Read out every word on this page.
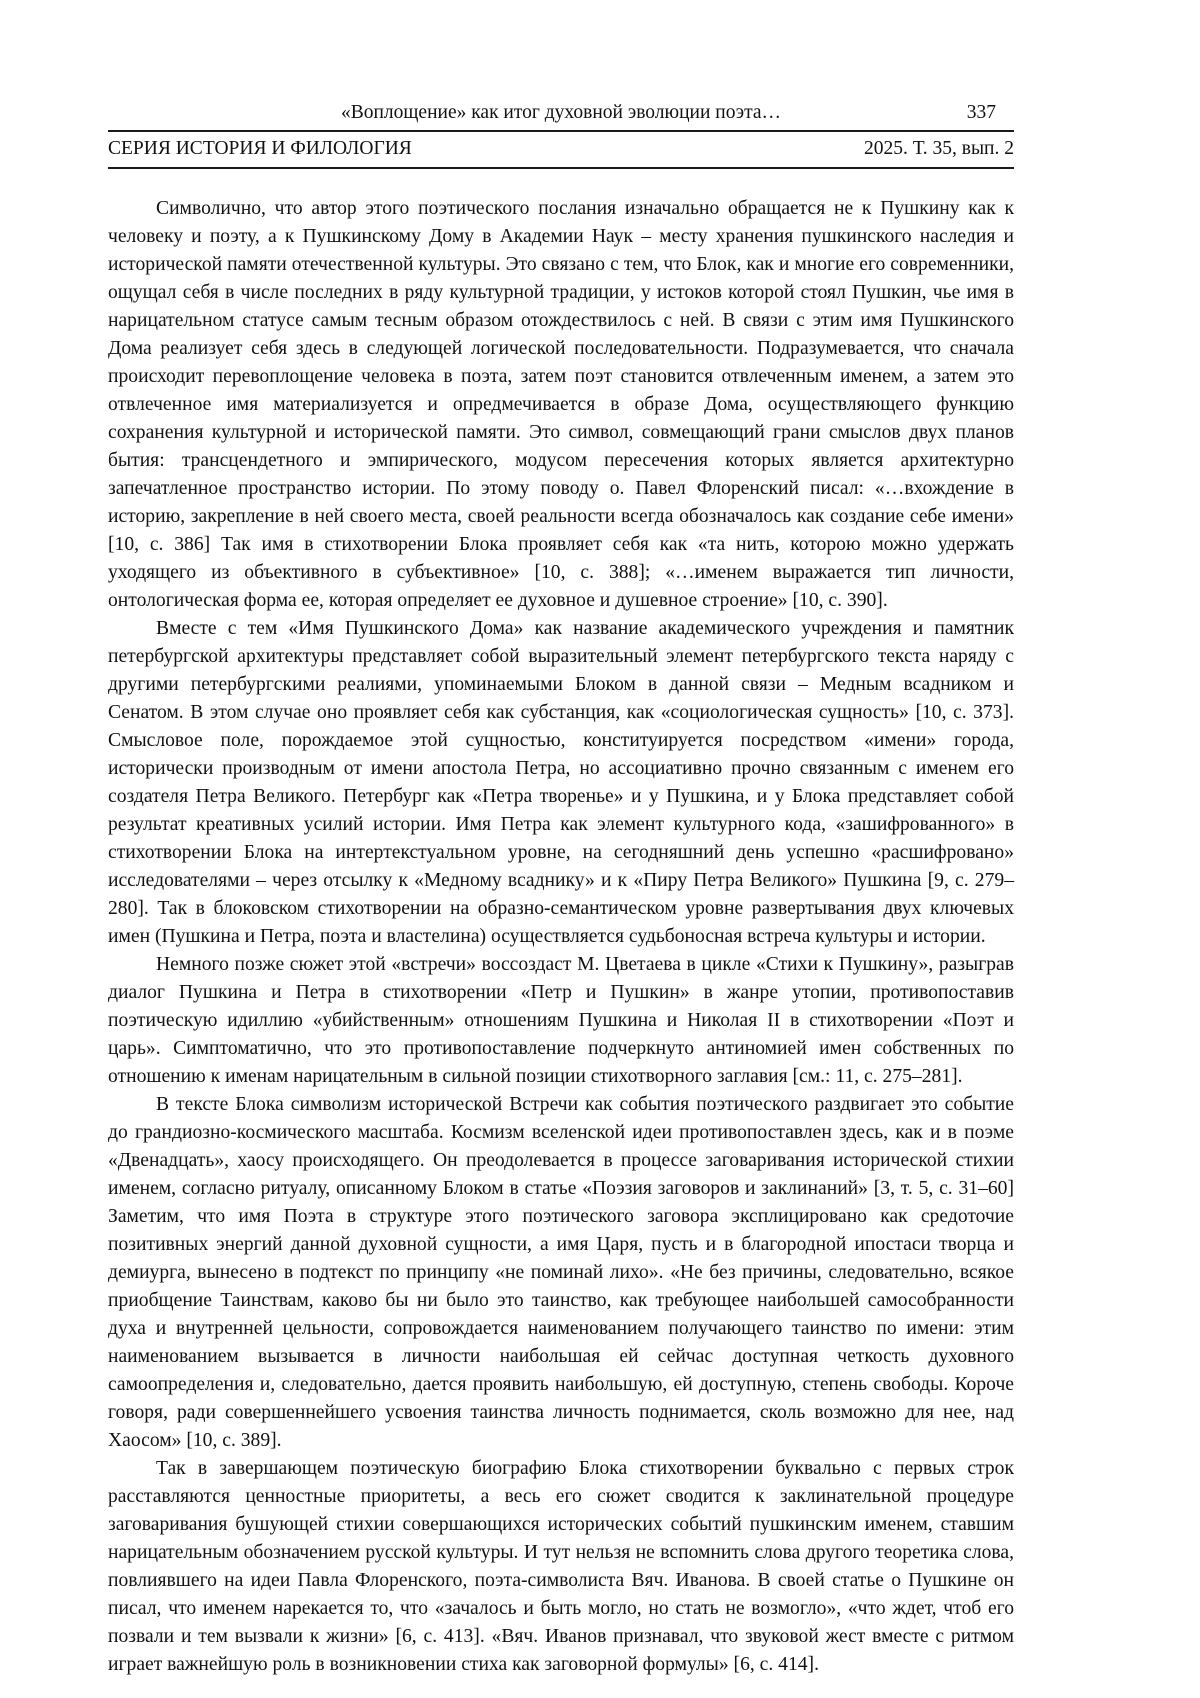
«Воплощение» как итог духовной эволюции поэта…	337
СЕРИЯ ИСТОРИЯ И ФИЛОЛОГИЯ	2025. Т. 35, вып. 2

Символично, что автор этого поэтического послания изначально обращается не к Пушкину как к человеку и поэту, а к Пушкинскому Дому в Академии Наук – месту хранения пушкинского наследия и исторической памяти отечественной культуры. Это связано с тем, что Блок, как и многие его современники, ощущал себя в числе последних в ряду культурной традиции, у истоков которой стоял Пушкин, чье имя в нарицательном статусе самым тесным образом отождествилось с ней. В связи с этим имя Пушкинского Дома реализует себя здесь в следующей логической последовательности. Подразумевается, что сначала происходит перевоплощение человека в поэта, затем поэт становится отвлеченным именем, а затем это отвлеченное имя материализуется и опредмечивается в образе Дома, осуществляющего функцию сохранения культурной и исторической памяти. Это символ, совмещающий грани смыслов двух планов бытия: трансцендетного и эмпирического, модусом пересечения которых является архитектурно запечатленное пространство истории. По этому поводу о. Павел Флоренский писал: «…вхождение в историю, закрепление в ней своего места, своей реальности всегда обозначалось как создание себе имени» [10, с. 386] Так имя в стихотворении Блока проявляет себя как «та нить, которою можно удержать уходящего из объективного в субъективное» [10, с. 388]; «…именем выражается тип личности, онтологическая форма ее, которая определяет ее духовное и душевное строение» [10, с. 390].

Вместе с тем «Имя Пушкинского Дома» как название академического учреждения и памятник петербургской архитектуры представляет собой выразительный элемент петербургского текста наряду с другими петербургскими реалиями, упоминаемыми Блоком в данной связи – Медным всадником и Сенатом. В этом случае оно проявляет себя как субстанция, как «социологическая сущность» [10, с. 373]. Смысловое поле, порождаемое этой сущностью, конституируется посредством «имени» города, исторически производным от имени апостола Петра, но ассоциативно прочно связанным с именем его создателя Петра Великого. Петербург как «Петра творенье» и у Пушкина, и у Блока представляет собой результат креативных усилий истории. Имя Петра как элемент культурного кода, «зашифрованного» в стихотворении Блока на интертекстуальном уровне, на сегодняшний день успешно «расшифровано» исследователями – через отсылку к «Медному всаднику» и к «Пиру Петра Великого» Пушкина [9, с. 279–280]. Так в блоковском стихотворении на образно-семантическом уровне развертывания двух ключевых имен (Пушкина и Петра, поэта и властелина) осуществляется судьбоносная встреча культуры и истории.

Немного позже сюжет этой «встречи» воссоздаст М. Цветаева в цикле «Стихи к Пушкину», разыграв диалог Пушкина и Петра в стихотворении «Петр и Пушкин» в жанре утопии, противопоставив поэтическую идиллию «убийственным» отношениям Пушкина и Николая II в стихотворении «Поэт и царь». Симптоматично, что это противопоставление подчеркнуто антиномией имен собственных по отношению к именам нарицательным в сильной позиции стихотворного заглавия [см.: 11, с. 275–281].

В тексте Блока символизм исторической Встречи как события поэтического раздвигает это событие до грандиозно-космического масштаба. Космизм вселенской идеи противопоставлен здесь, как и в поэме «Двенадцать», хаосу происходящего. Он преодолевается в процессе заговаривания исторической стихии именем, согласно ритуалу, описанному Блоком в статье «Поэзия заговоров и заклинаний» [3, т. 5, с. 31–60] Заметим, что имя Поэта в структуре этого поэтического заговора эксплицировано как средоточие позитивных энергий данной духовной сущности, а имя Царя, пусть и в благородной ипостаси творца и демиурга, вынесено в подтекст по принципу «не поминай лихо». «Не без причины, следовательно, всякое приобщение Таинствам, каково бы ни было это таинство, как требующее наибольшей самособранности духа и внутренней цельности, сопровождается наименованием получающего таинство по имени: этим наименованием вызывается в личности наибольшая ей сейчас доступная четкость духовного самоопределения и, следовательно, дается проявить наибольшую, ей доступную, степень свободы. Короче говоря, ради совершеннейшего усвоения таинства личность поднимается, сколь возможно для нее, над Хаосом» [10, с. 389].

Так в завершающем поэтическую биографию Блока стихотворении буквально с первых строк расставляются ценностные приоритеты, а весь его сюжет сводится к заклинательной процедуре заговаривания бушующей стихии совершающихся исторических событий пушкинским именем, ставшим нарицательным обозначением русской культуры. И тут нельзя не вспомнить слова другого теоретика слова, повлиявшего на идеи Павла Флоренского, поэта-символиста Вяч. Иванова. В своей статье о Пушкине он писал, что именем нарекается то, что «зачалось и быть могло, но стать не возмогло», «что ждет, чтоб его позвали и тем вызвали к жизни» [6, с. 413]. «Вяч. Иванов признавал, что звуковой жест вместе с ритмом играет важнейшую роль в возникновении стиха как заговорной формулы» [6, с. 414].
